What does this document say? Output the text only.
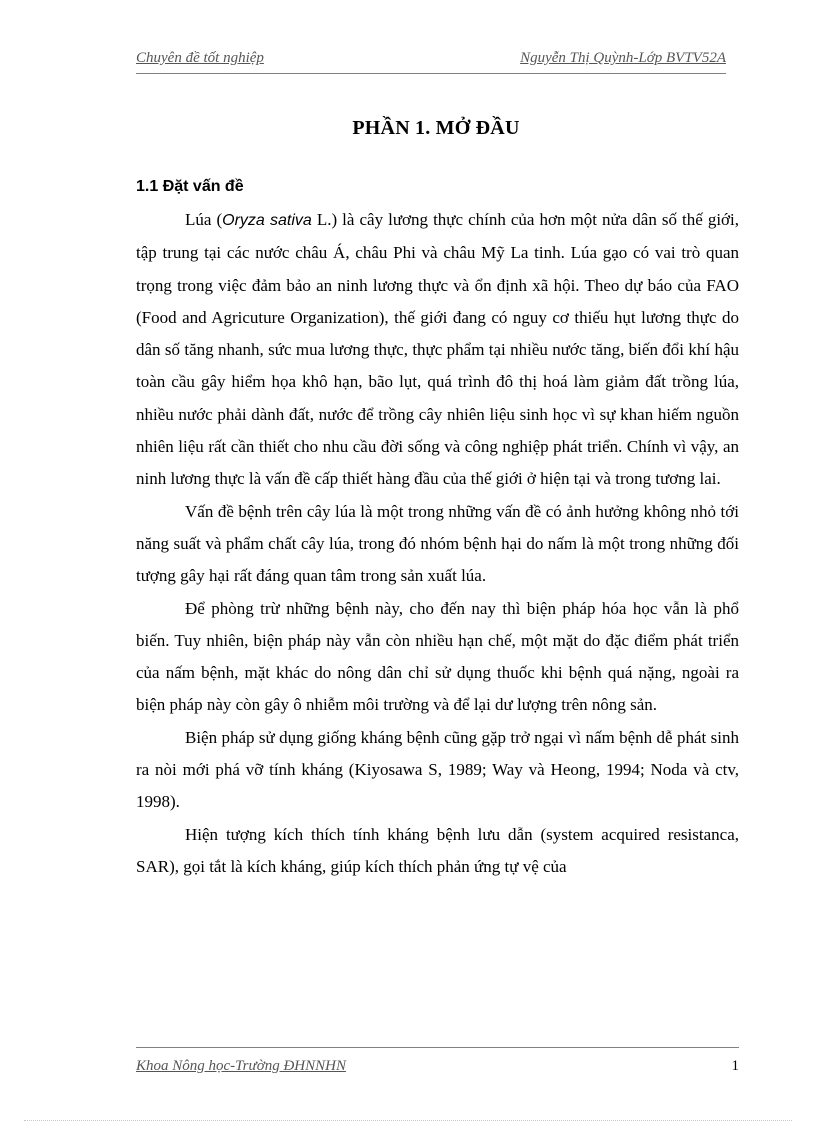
Chuyên đề tốt nghiệp	Nguyễn Thị Quỳnh-Lớp BVTV52A
PHẦN 1. MỞ ĐẦU
1.1 Đặt vấn đề

Lúa (Oryza sativa L.) là cây lương thực chính của hơn một nửa dân số thế giới, tập trung tại các nước châu Á, châu Phi và châu Mỹ La tinh. Lúa gạo có vai trò quan trọng trong việc đảm bảo an ninh lương thực và ổn định xã hội. Theo dự báo của FAO (Food and Agricuture Organization), thế giới đang có nguy cơ thiếu hụt lương thực do dân số tăng nhanh, sức mua lương thực, thực phẩm tại nhiều nước tăng, biến đổi khí hậu toàn cầu gây hiểm họa khô hạn, bão lụt, quá trình đô thị hoá làm giảm đất trồng lúa, nhiều nước phải dành đất, nước để trồng cây nhiên liệu sinh học vì sự khan hiếm nguồn nhiên liệu rất cần thiết cho nhu cầu đời sống và công nghiệp phát triển. Chính vì vậy, an ninh lương thực là vấn đề cấp thiết hàng đầu của thế giới ở hiện tại và trong tương lai.

Vấn đề bệnh trên cây lúa là một trong những vấn đề có ảnh hưởng không nhỏ tới năng suất và phẩm chất cây lúa, trong đó nhóm bệnh hại do nấm là một trong những đối tượng gây hại rất đáng quan tâm trong sản xuất lúa.

Để phòng trừ những bệnh này, cho đến nay thì biện pháp hóa học vẫn là phổ biến. Tuy nhiên, biện pháp này vẫn còn nhiều hạn chế, một mặt do đặc điểm phát triển của nấm bệnh, mặt khác do nông dân chỉ sử dụng thuốc khi bệnh quá nặng, ngoài ra biện pháp này còn gây ô nhiễm môi trường và để lại dư lượng trên nông sản.

Biện pháp sử dụng giống kháng bệnh cũng gặp trở ngại vì nấm bệnh dễ phát sinh ra nòi mới phá vỡ tính kháng (Kiyosawa S, 1989; Way và Heong, 1994; Noda và ctv, 1998).

Hiện tượng kích thích tính kháng bệnh lưu dẫn (system acquired resistanca, SAR), gọi tắt là kích kháng, giúp kích thích phản ứng tự vệ của

Khoa Nông học-Trường ĐHNNHN	1
